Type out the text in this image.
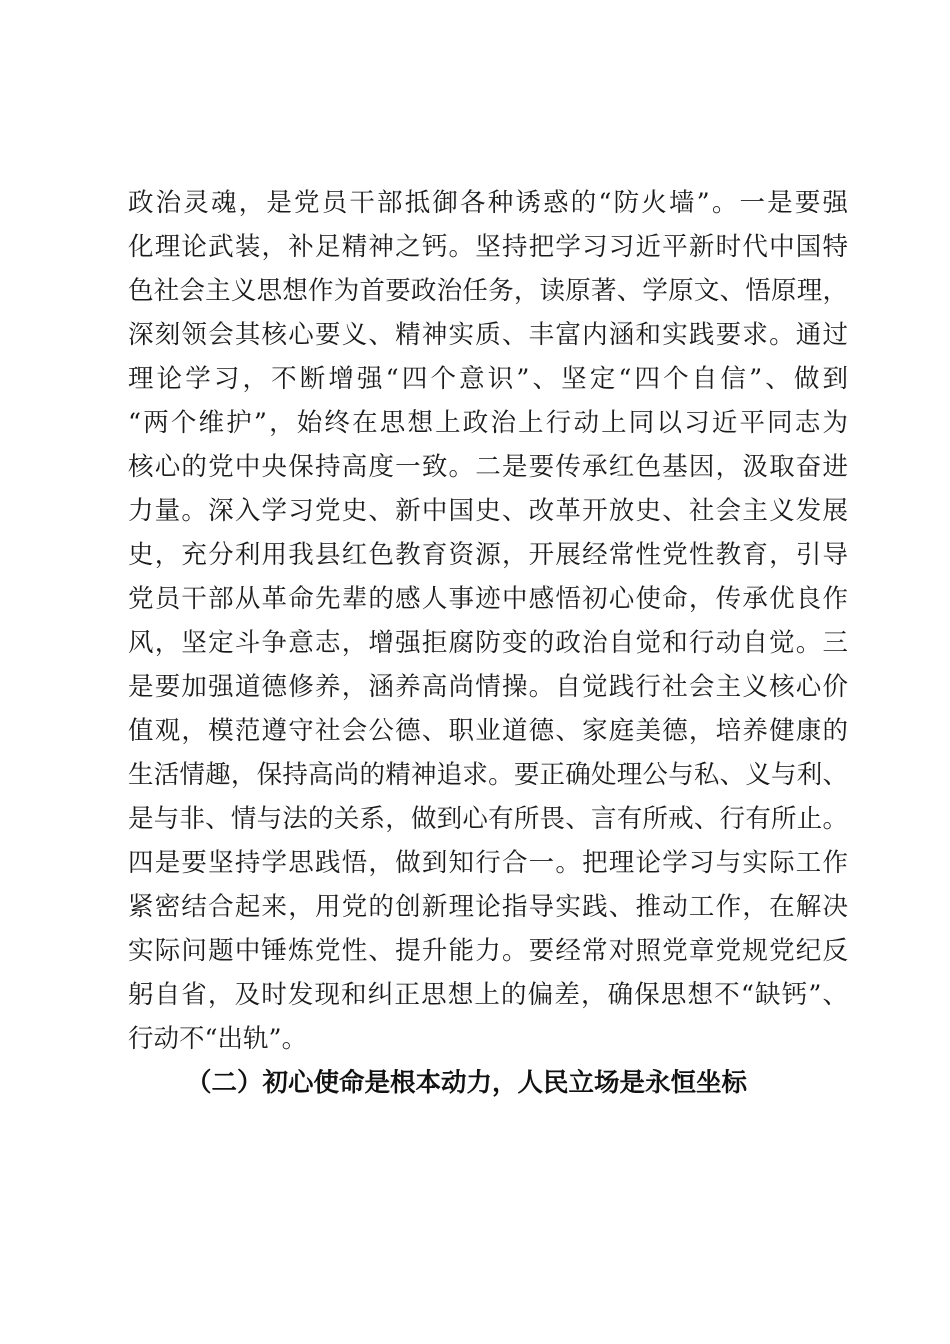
政治灵魂，是党员干部抵御各种诱惑的“防火墙”。一是要强
化理论武装，补足精神之钙。坚持把学习习近平新时代中国特
色社会主义思想作为首要政治任务，读原著、学原文、悟原理，
深刻领会其核心要义、精神实质、丰富内涵和实践要求。通过
理论学习，不断增强“四个意识”、坚定“四个自信”、做到
“两个维护”，始终在思想上政治上行动上同以习近平同志为
核心的党中央保持高度一致。二是要传承红色基因，汲取奋进
力量。深入学习党史、新中国史、改革开放史、社会主义发展
史，充分利用我县红色教育资源，开展经常性党性教育，引导
党员干部从革命先辈的感人事迹中感悟初心使命，传承优良作
风，坚定斗争意志，增强拒腐防变的政治自觉和行动自觉。三
是要加强道德修养，涵养高尚情操。自觉践行社会主义核心价
值观，模范遵守社会公德、职业道德、家庭美德，培养健康的
生活情趣，保持高尚的精神追求。要正确处理公与私、义与利、
是与非、情与法的关系，做到心有所畏、言有所戒、行有所止。
四是要坚持学思践悟，做到知行合一。把理论学习与实际工作
紧密结合起来，用党的创新理论指导实践、推动工作，在解决
实际问题中锤炼党性、提升能力。要经常对照党章党规党纪反
躬自省，及时发现和纠正思想上的偏差，确保思想不“缺钙”、
行动不“出轨”。
（二）初心使命是根本动力，人民立场是永恒坐标
